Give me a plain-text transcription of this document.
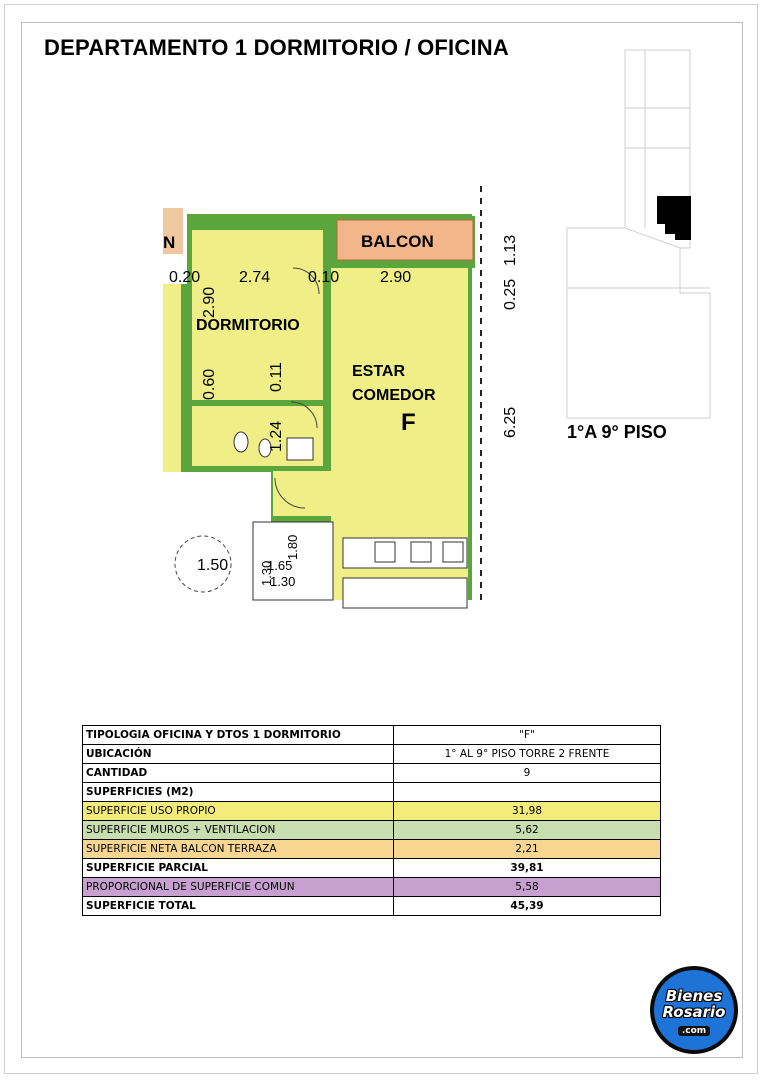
DEPARTAMENTO 1 DORMITORIO / OFICINA
BALCON
N
DORMITORIO
ESTAR
COMEDOR
F
0.20 2.74 0.10	2.90
2.90
0.60	0.11
1.24
0.25
1.13
6.25
1.50
1.80
1.30
1.65
1.30
1°A 9° PISO
TIPOLOGIA OFICINA Y DTOS 1 DORMITORIO	"F"
UBICACIÓN	1° AL 9° PISO TORRE 2 FRENTE
CANTIDAD	9
SUPERFICIES (M2)	
SUPERFICIE USO PROPIO	31,98
SUPERFICIE MUROS + VENTILACION	5,62
SUPERFICIE NETA BALCON TERRAZA	2,21
SUPERFICIE PARCIAL	39,81
PROPORCIONAL DE SUPERFICIE COMUN	5,58
SUPERFICIE TOTAL	45,39
Bienes
Rosario
.com
